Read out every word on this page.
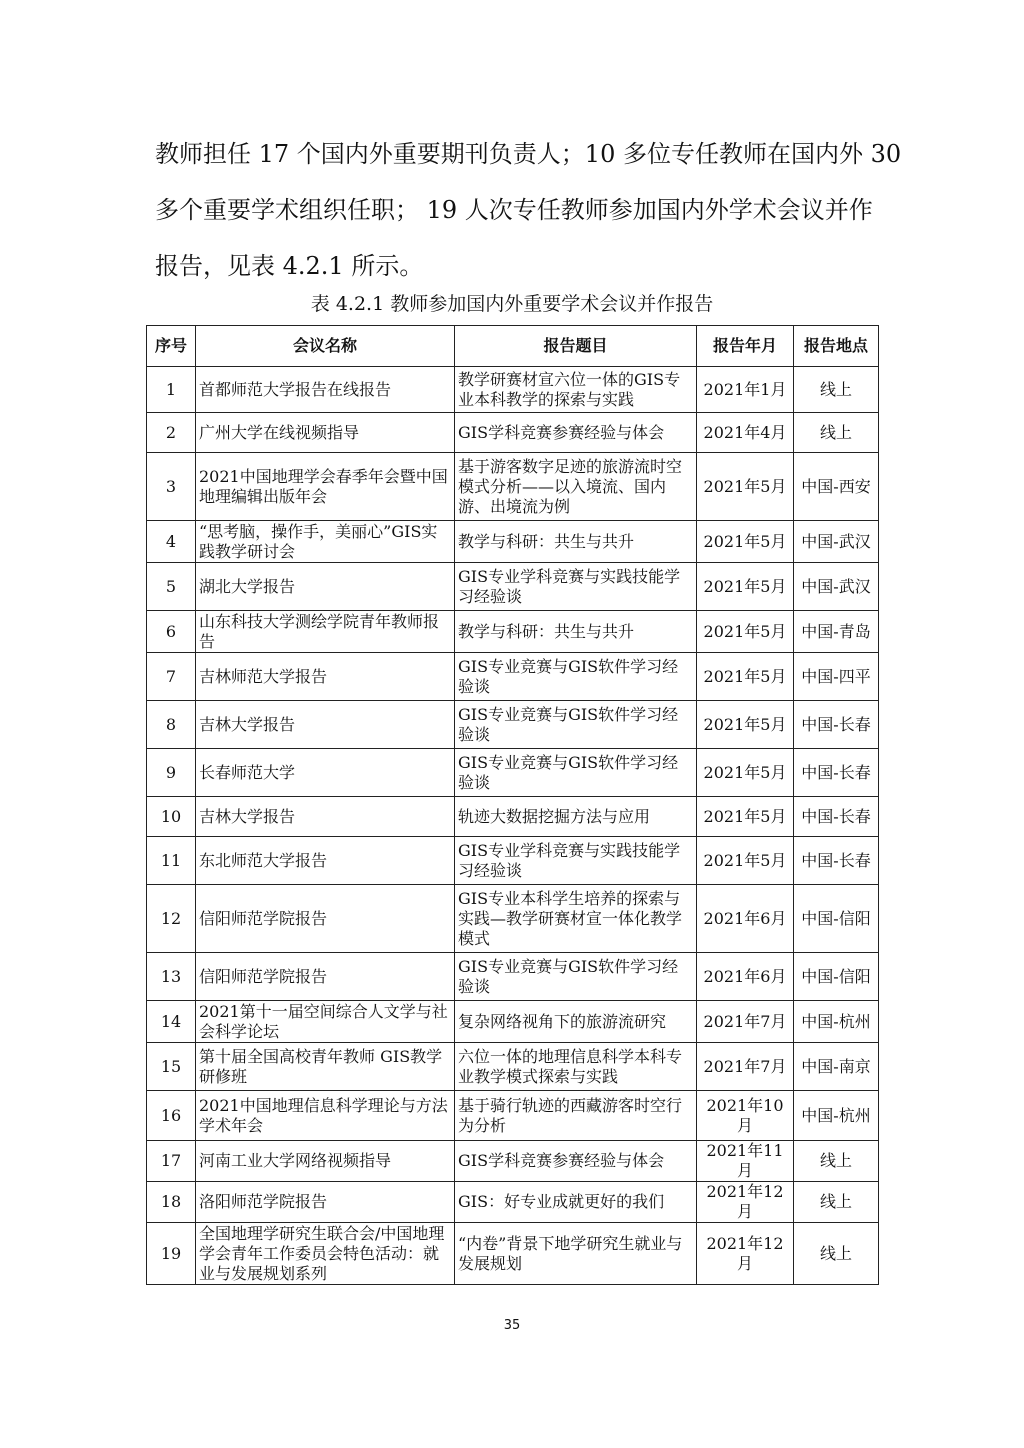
教师担任 17 个国内外重要期刊负责人；10 多位专任教师在国内外 30

多个重要学术组织任职； 19 人次专任教师参加国内外学术会议并作

报告，见表 4.2.1 所示。

表 4.2.1 教师参加国内外重要学术会议并作报告
序号	会议名称	报告题目	报告年月	报告地点
1	首都师范大学报告在线报告	教学研赛材宣六位一体的GIS专业本科教学的探索与实践	2021年1月	线上
2	广州大学在线视频指导	GIS学科竞赛参赛经验与体会	2021年4月	线上
3	2021中国地理学会春季年会暨中国地理编辑出版年会	基于游客数字足迹的旅游流时空模式分析——以入境流、国内游、出境流为例	2021年5月	中国-西安
4	“思考脑，操作手，美丽心”GIS实践教学研讨会	教学与科研：共生与共升	2021年5月	中国-武汉
5	湖北大学报告	GIS专业学科竞赛与实践技能学习经验谈	2021年5月	中国-武汉
6	山东科技大学测绘学院青年教师报告	教学与科研：共生与共升	2021年5月	中国-青岛
7	吉林师范大学报告	GIS专业竞赛与GIS软件学习经验谈	2021年5月	中国-四平
8	吉林大学报告	GIS专业竞赛与GIS软件学习经验谈	2021年5月	中国-长春
9	长春师范大学	GIS专业竞赛与GIS软件学习经验谈	2021年5月	中国-长春
10	吉林大学报告	轨迹大数据挖掘方法与应用	2021年5月	中国-长春
11	东北师范大学报告	GIS专业学科竞赛与实践技能学习经验谈	2021年5月	中国-长春
12	信阳师范学院报告	GIS专业本科学生培养的探索与实践—教学研赛材宣一体化教学模式	2021年6月	中国-信阳
13	信阳师范学院报告	GIS专业竞赛与GIS软件学习经验谈	2021年6月	中国-信阳
14	2021第十一届空间综合人文学与社会科学论坛	复杂网络视角下的旅游流研究	2021年7月	中国-杭州
15	第十届全国高校青年教师 GIS教学研修班	六位一体的地理信息科学本科专业教学模式探索与实践	2021年7月	中国-南京
16	2021中国地理信息科学理论与方法学术年会	基于骑行轨迹的西藏游客时空行为分析	2021年10月	中国-杭州
17	河南工业大学网络视频指导	GIS学科竞赛参赛经验与体会	2021年11月	线上
18	洛阳师范学院报告	GIS：好专业成就更好的我们	2021年12月	线上
19	全国地理学研究生联合会/中国地理学会青年工作委员会特色活动：就业与发展规划系列	“内卷”背景下地学研究生就业与发展规划	2021年12月	线上
35
